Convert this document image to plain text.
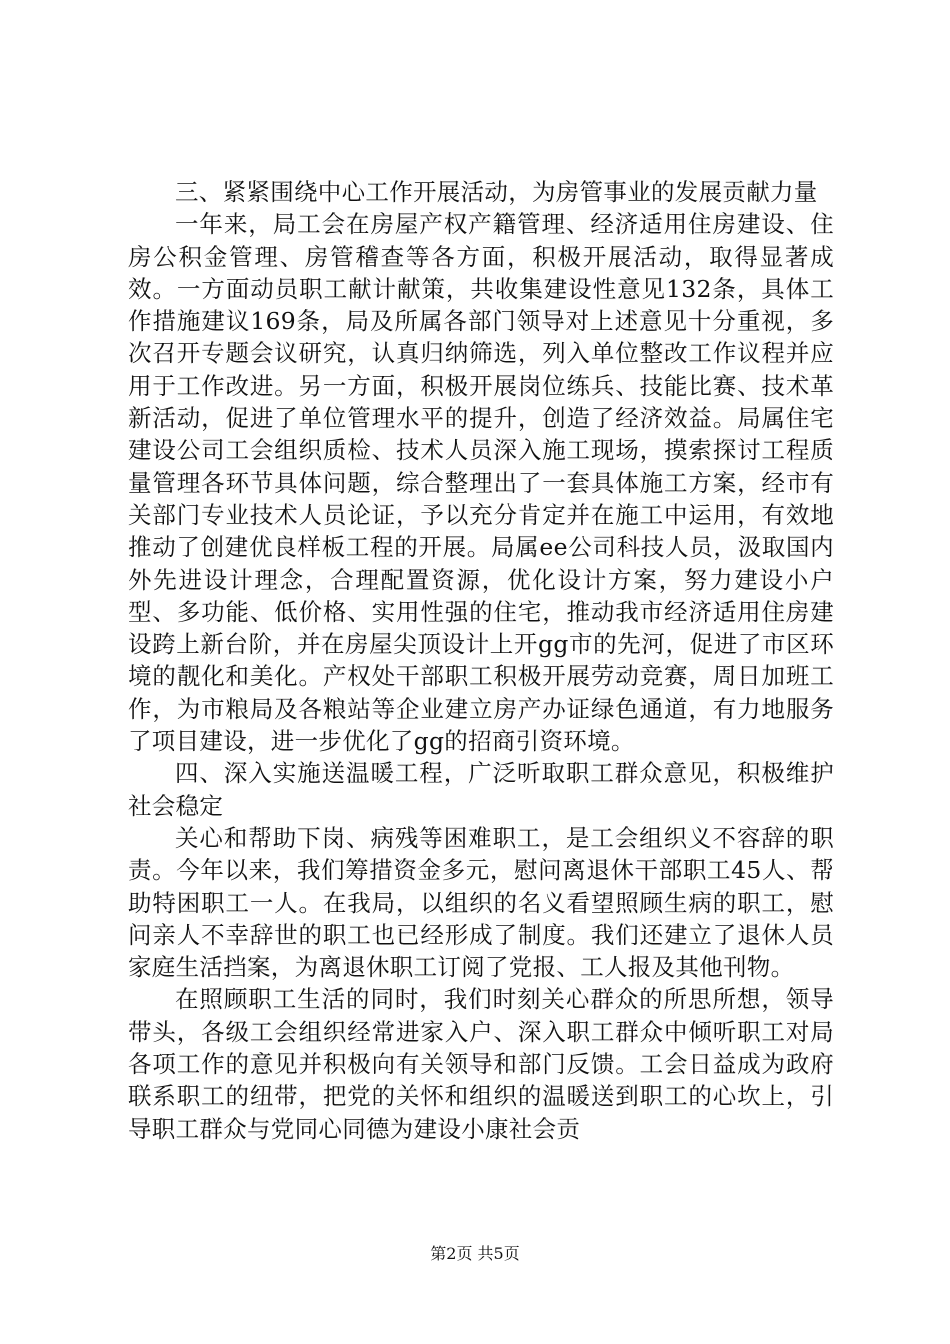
三、紧紧围绕中心工作开展活动，为房管事业的发展贡献力量

一年来，局工会在房屋产权产籍管理、经济适用住房建设、住房公积金管理、房管稽查等各方面，积极开展活动，取得显著成效。一方面动员职工献计献策，共收集建设性意见132条，具体工作措施建议169条，局及所属各部门领导对上述意见十分重视，多次召开专题会议研究，认真归纳筛选，列入单位整改工作议程并应用于工作改进。另一方面，积极开展岗位练兵、技能比赛、技术革新活动，促进了单位管理水平的提升，创造了经济效益。局属住宅建设公司工会组织质检、技术人员深入施工现场，摸索探讨工程质量管理各环节具体问题，综合整理出了一套具体施工方案，经市有关部门专业技术人员论证，予以充分肯定并在施工中运用，有效地推动了创建优良样板工程的开展。局属ee公司科技人员，汲取国内外先进设计理念，合理配置资源，优化设计方案，努力建设小户型、多功能、低价格、实用性强的住宅，推动我市经济适用住房建设跨上新台阶，并在房屋尖顶设计上开gg市的先河，促进了市区环境的靓化和美化。产权处干部职工积极开展劳动竞赛，周日加班工作，为市粮局及各粮站等企业建立房产办证绿色通道，有力地服务了项目建设，进一步优化了gg的招商引资环境。

四、深入实施送温暖工程，广泛听取职工群众意见，积极维护社会稳定

关心和帮助下岗、病残等困难职工，是工会组织义不容辞的职责。今年以来，我们筹措资金多元，慰问离退休干部职工45人、帮助特困职工一人。在我局，以组织的名义看望照顾生病的职工，慰问亲人不幸辞世的职工也已经形成了制度。我们还建立了退休人员家庭生活挡案，为离退休职工订阅了党报、工人报及其他刊物。

在照顾职工生活的同时，我们时刻关心群众的所思所想，领导带头，各级工会组织经常进家入户、深入职工群众中倾听职工对局各项工作的意见并积极向有关领导和部门反馈。工会日益成为政府联系职工的纽带，把党的关怀和组织的温暖送到职工的心坎上，引导职工群众与党同心同德为建设小康社会贡

第2页 共5页
